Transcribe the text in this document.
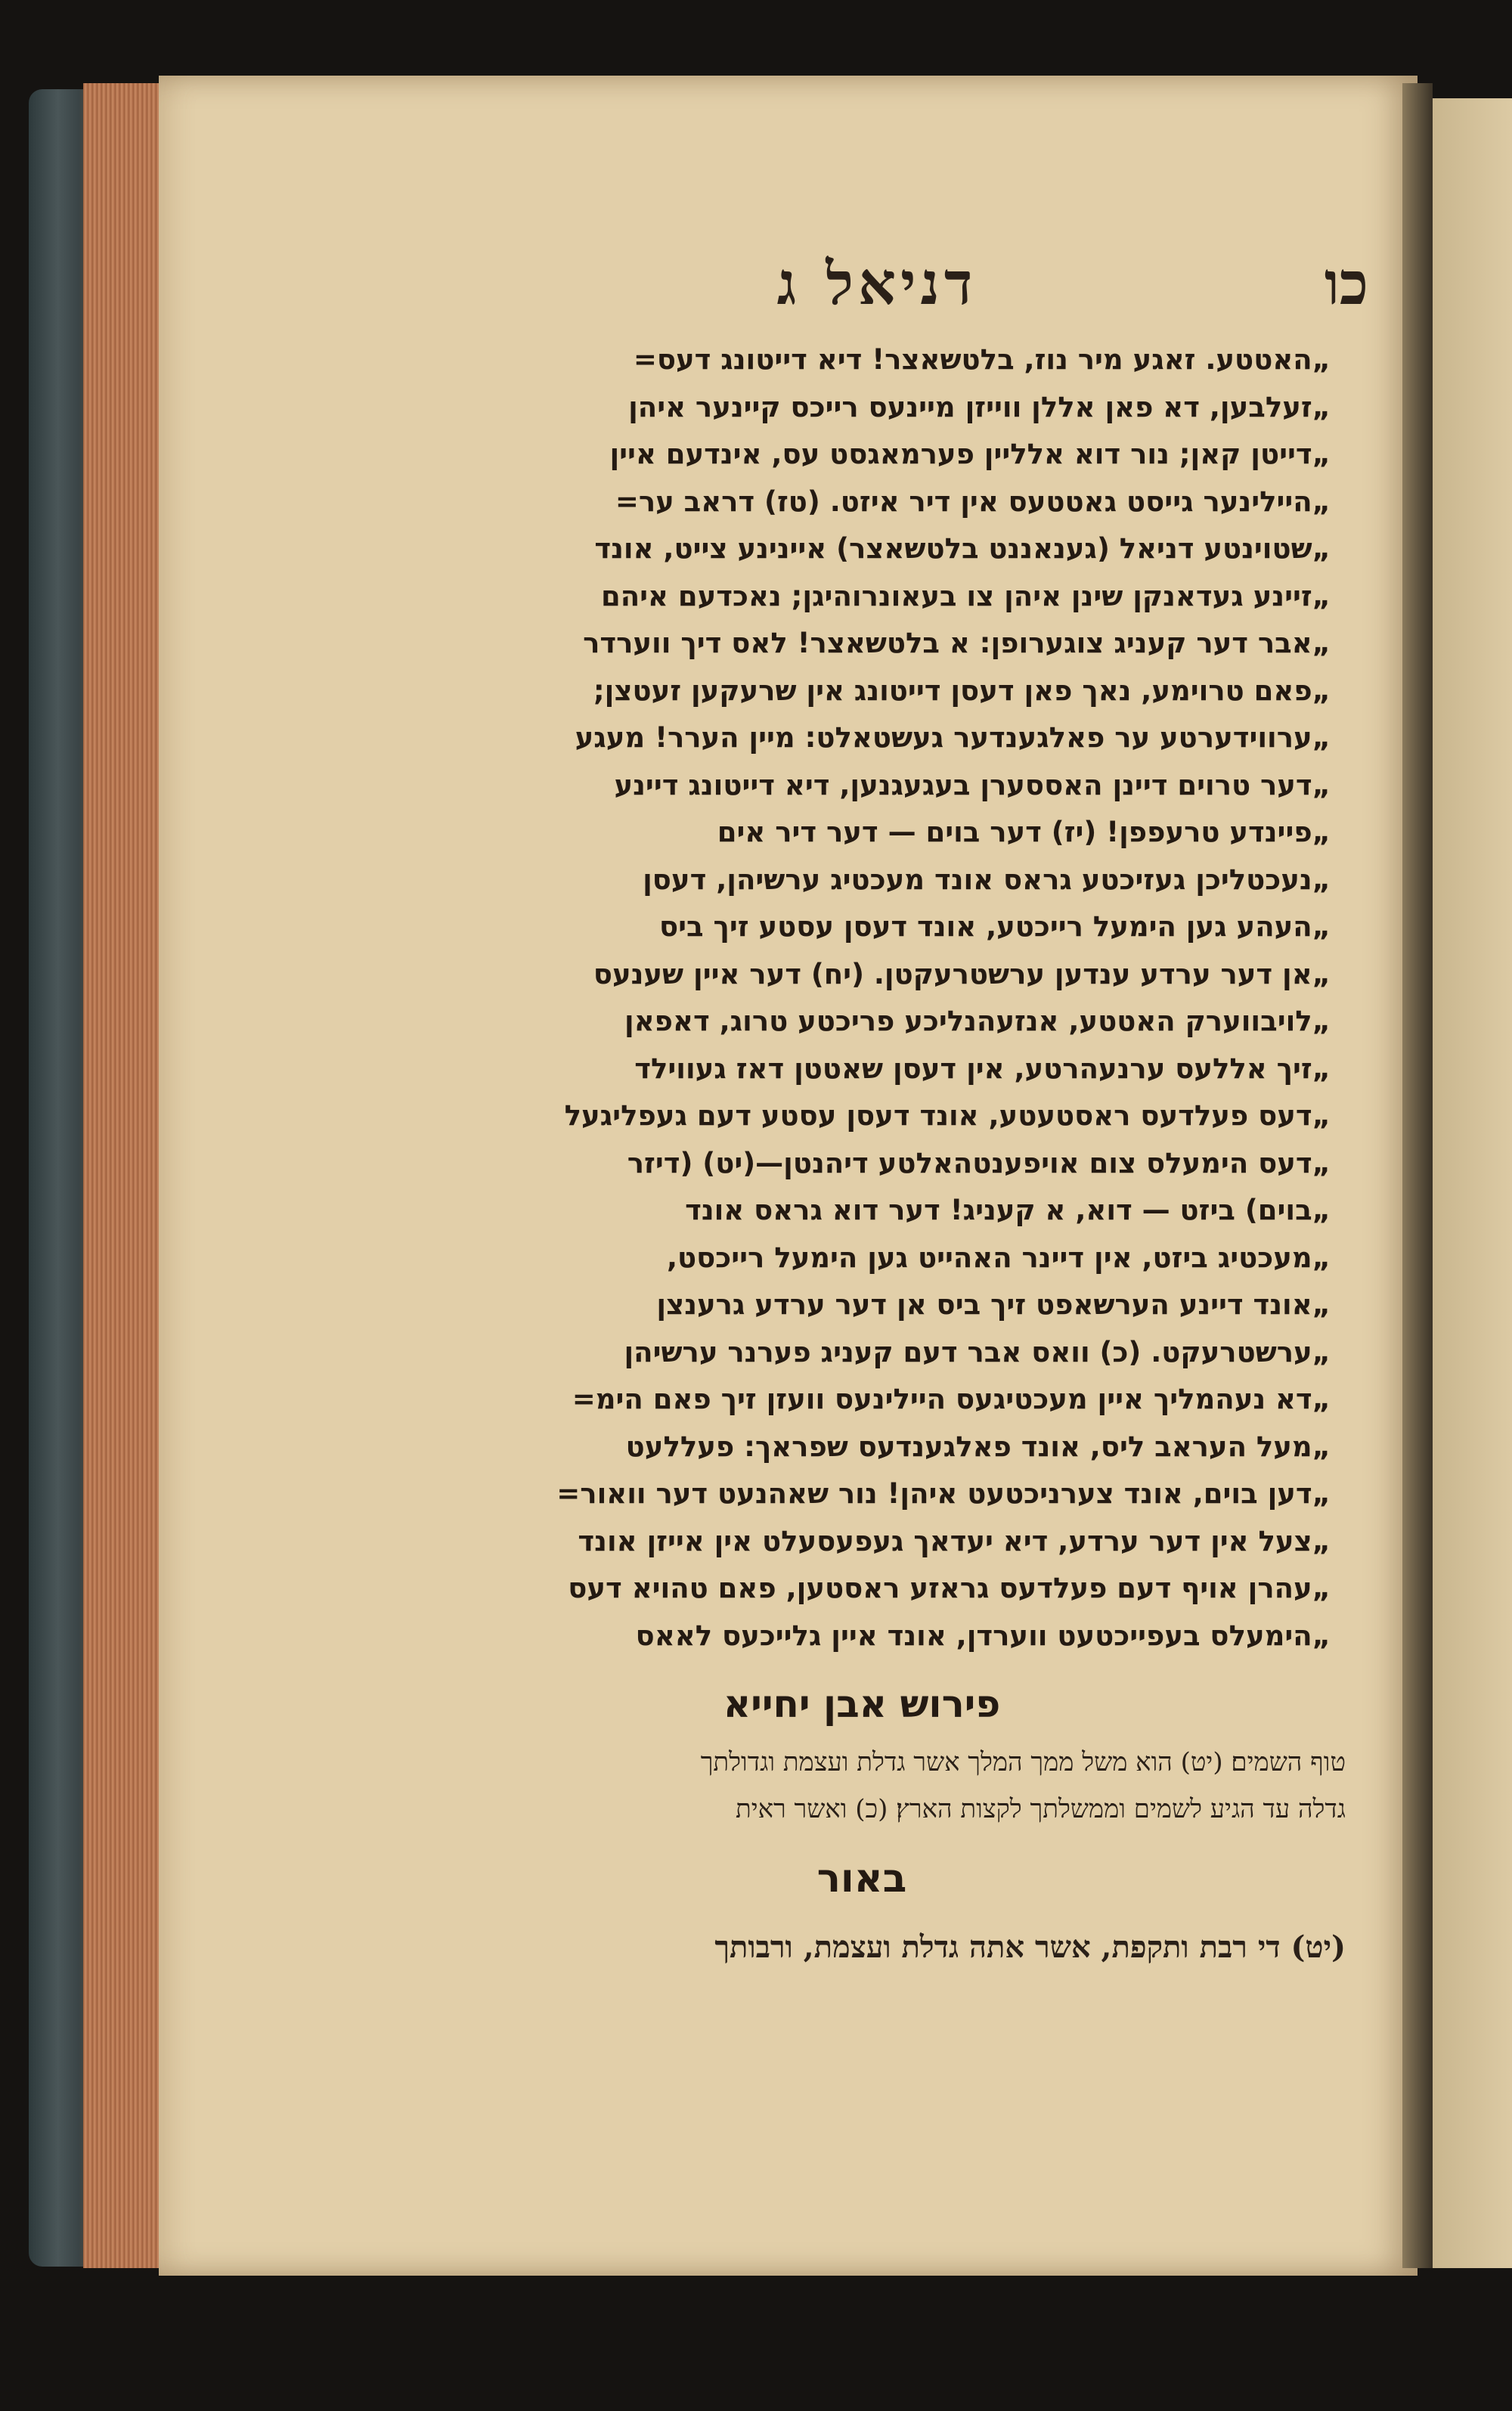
כו
דניאל ג
„האטטע. זאגע מיר נוז, בלטשאצר! דיא דייטונג דעס=
„זעלבען, דא פאן אללן ווייזן מיינעס רייכס קיינער איהן
„דייטן קאן; נור דוא אלליין פערמאגסט עס, אינדעם איין
„היילינער גייסט גאטטעס אין דיר איזט. (טז) דראב ער=
„שטוינטע דניאל (גענאננט בלטשאצר) איינינע צייט, אונד
„זיינע געדאנקן שינן איהן צו בעאונרוהיגן; נאכדעם איהם
„אבר דער קעניג צוגערופן: א בלטשאצר! לאס דיך ווערדר
„פאם טרוימע, נאך פאן דעסן דייטונג אין שרעקען זעטצן;
„ערווידערטע ער פאלגענדער געשטאלט: מיין הערר! מעגע
„דער טרוים דיינן האססערן בעגעגנען, דיא דייטונג דיינע
„פיינדע טרעפפן! (יז) דער בוים — דער דיר אים
„נעכטליכן געזיכטע גראס אונד מעכטיג ערשיהן, דעסן
„העהע גען הימעל רייכטע, אונד דעסן עסטע זיך ביס
„אן דער ערדע ענדען ערשטרעקטן. (יח) דער איין שענעס
„לויבווערק האטטע, אנזעהנליכע פריכטע טרוג, דאפאן
„זיך אללעס ערנעהרטע, אין דעסן שאטטן דאז געווילד
„דעס פעלדעס ראסטעטע, אונד דעסן עסטע דעם געפליגעל
„דעס הימעלס צום אויפענטהאלטע דיהנטן—(יט) (דיזר
„בוים) ביזט — דוא, א קעניג! דער דוא גראס אונד
„מעכטיג ביזט, אין דיינר האהייט גען הימעל רייכסט,
„אונד דיינע הערשאפט זיך ביס אן דער ערדע גרענצן
„ערשטרעקט. (כ) וואס אבר דעם קעניג פערנר ערשיהן
„דא נעהמליך איין מעכטיגעס היילינעס וועזן זיך פאם הימ=
„מעל העראב ליס, אונד פאלגענדעס שפראך: פעללעט
„דען בוים, אונד צערניכטעט איהן! נור שאהנעט דער וואור=
„צעל אין דער ערדע, דיא יעדאך געפעסעלט אין אייזן אונד
„עהרן אויף דעם פעלדעס גראזע ראסטען, פאם טהויא דעס
„הימעלס בעפייכטעט ווערדן, אונד איין גלייכעס לאאס
פירוש אבן יחייא
טוף השמים׃ (יט) הוא משל ממך המלך אשר גדלת ועצמת וגדולתך
גדלה עד הגיע לשמים וממשלתך לקצות הארץ׃ (כ) ואשר ראית
באור
(יט) די רבת ותקפת, אשר אתה גדלת ועצמת, ורבותך
